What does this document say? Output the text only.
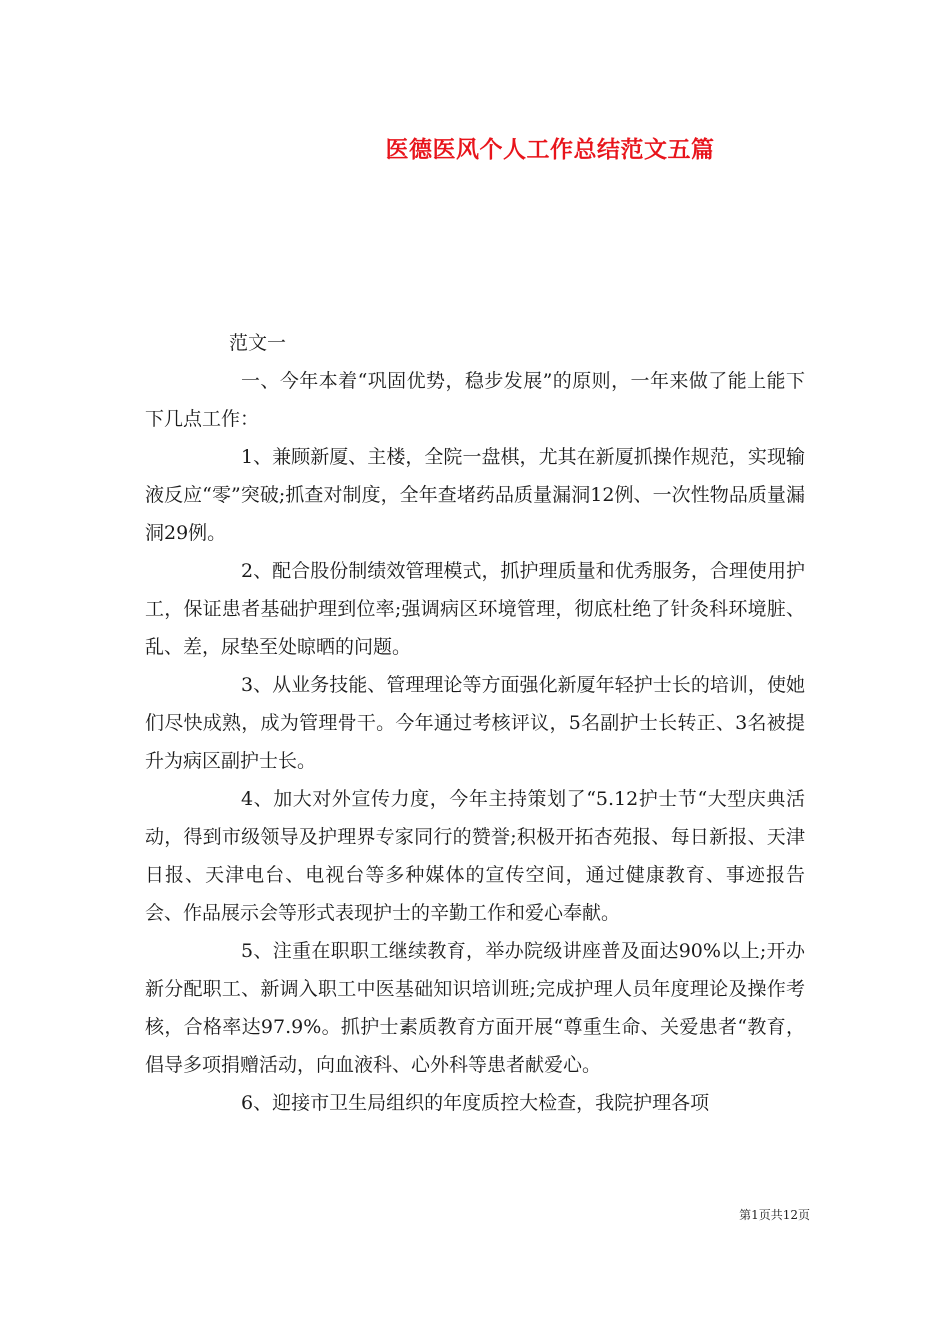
医德医风个人工作总结范文五篇

范文一

一、今年本着“巩固优势，稳步发展”的原则，一年来做了能上能下下几点工作：

1、兼顾新厦、主楼，全院一盘棋，尤其在新厦抓操作规范，实现输液反应“零”突破;抓查对制度，全年查堵药品质量漏洞12例、一次性物品质量漏洞29例。

2、配合股份制绩效管理模式，抓护理质量和优秀服务，合理使用护工，保证患者基础护理到位率;强调病区环境管理，彻底杜绝了针灸科环境脏、乱、差，尿垫至处晾晒的问题。

3、从业务技能、管理理论等方面强化新厦年轻护士长的培训，使她们尽快成熟，成为管理骨干。今年通过考核评议，5名副护士长转正、3名被提升为病区副护士长。

4、加大对外宣传力度，今年主持策划了“5.12护士节“大型庆典活动，得到市级领导及护理界专家同行的赞誉;积极开拓杏苑报、每日新报、天津日报、天津电台、电视台等多种媒体的宣传空间，通过健康教育、事迹报告会、作品展示会等形式表现护士的辛勤工作和爱心奉献。

5、注重在职职工继续教育，举办院级讲座普及面达90%以上;开办新分配职工、新调入职工中医基础知识培训班;完成护理人员年度理论及操作考核，合格率达97.9%。抓护士素质教育方面开展“尊重生命、关爱患者“教育，倡导多项捐赠活动，向血液科、心外科等患者献爱心。

6、迎接市卫生局组织的年度质控大检查，我院护理各项

第1页共12页
